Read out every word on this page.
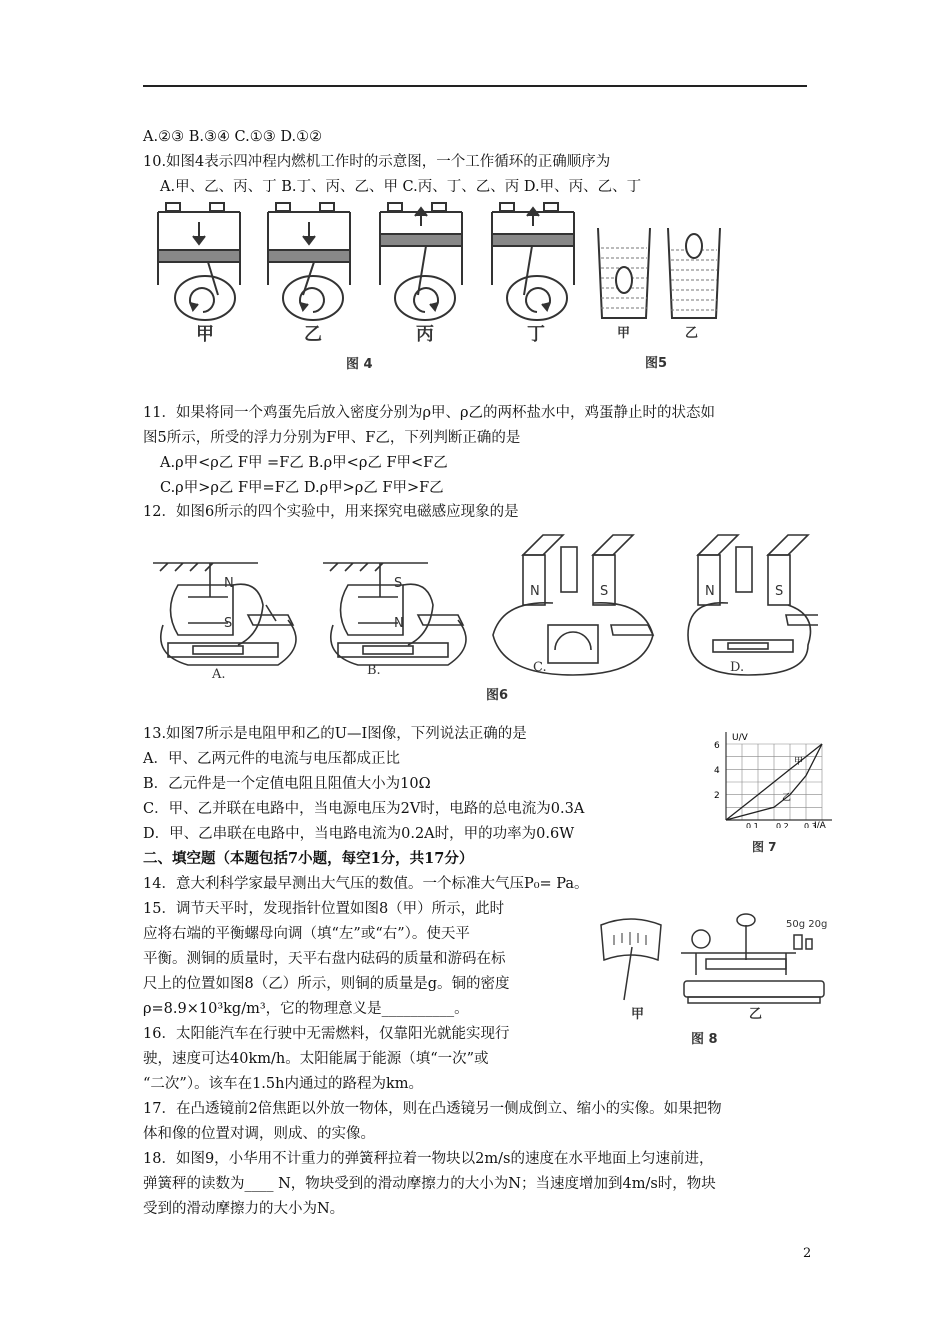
A.②③ B.③④ C.①③ D.①②
10.如图4表示四冲程内燃机工作时的示意图，一个工作循环的正确顺序为
A.甲、乙、丙、丁 B.丁、丙、乙、甲 C.丙、丁、乙、丙 D.甲、丙、乙、丁
甲	乙	丙	丁	甲	乙
图 4	图5
11．如果将同一个鸡蛋先后放入密度分别为ρ甲、ρ乙的两杯盐水中，鸡蛋静止时的状态如
图5所示，所受的浮力分别为F甲、F乙，下列判断正确的是
A.ρ甲<ρ乙 F甲 =F乙 B.ρ甲<ρ乙 F甲<F乙
C.ρ甲>ρ乙 F甲=F乙 D.ρ甲>ρ乙 F甲>F乙
12．如图6所示的四个实验中，用来探究电磁感应现象的是
N
S
S
N
N	S	N	S
A.	B.	C.	D.
图6
13.如图7所示是电阻甲和乙的U—I图像，下列说法正确的是
A．甲、乙两元件的电流与电压都成正比
B．乙元件是一个定值电阻且阻值大小为10Ω
C．甲、乙并联在电路中，当电源电压为2V时，电路的总电流为0.3A
D．甲、乙串联在电路中，当电路电流为0.2A时，甲的功率为0.6W
U/V
I/A
2
4
6
0.1 0.2 0.3
甲
乙
图 7
二、填空题（本题包括7小题，每空1分，共17分）
14．意大利科学家最早测出大气压的数值。一个标准大气压P₀= Pa。
15．调节天平时，发现指针位置如图8（甲）所示，此时
应将右端的平衡螺母向调（填“左”或“右”）。使天平
平衡。测铜的质量时，天平右盘内砝码的质量和游码在标
尺上的位置如图8（乙）所示，则铜的质量是g。铜的密度
ρ=8.9×10³kg/m³，它的物理意义是__________。
50g 20g
甲	乙
图 8
16．太阳能汽车在行驶中无需燃料，仅靠阳光就能实现行
驶，速度可达40km/h。太阳能属于能源（填“一次”或
“二次”）。该车在1.5h内通过的路程为km。
17．在凸透镜前2倍焦距以外放一物体，则在凸透镜另一侧成倒立、缩小的实像。如果把物
体和像的位置对调，则成、的实像。
18．如图9，小华用不计重力的弹簧秤拉着一物块以2m/s的速度在水平地面上匀速前进，
弹簧秤的读数为____ N，物块受到的滑动摩擦力的大小为N；当速度增加到4m/s时，物块
受到的滑动摩擦力的大小为N。
2
